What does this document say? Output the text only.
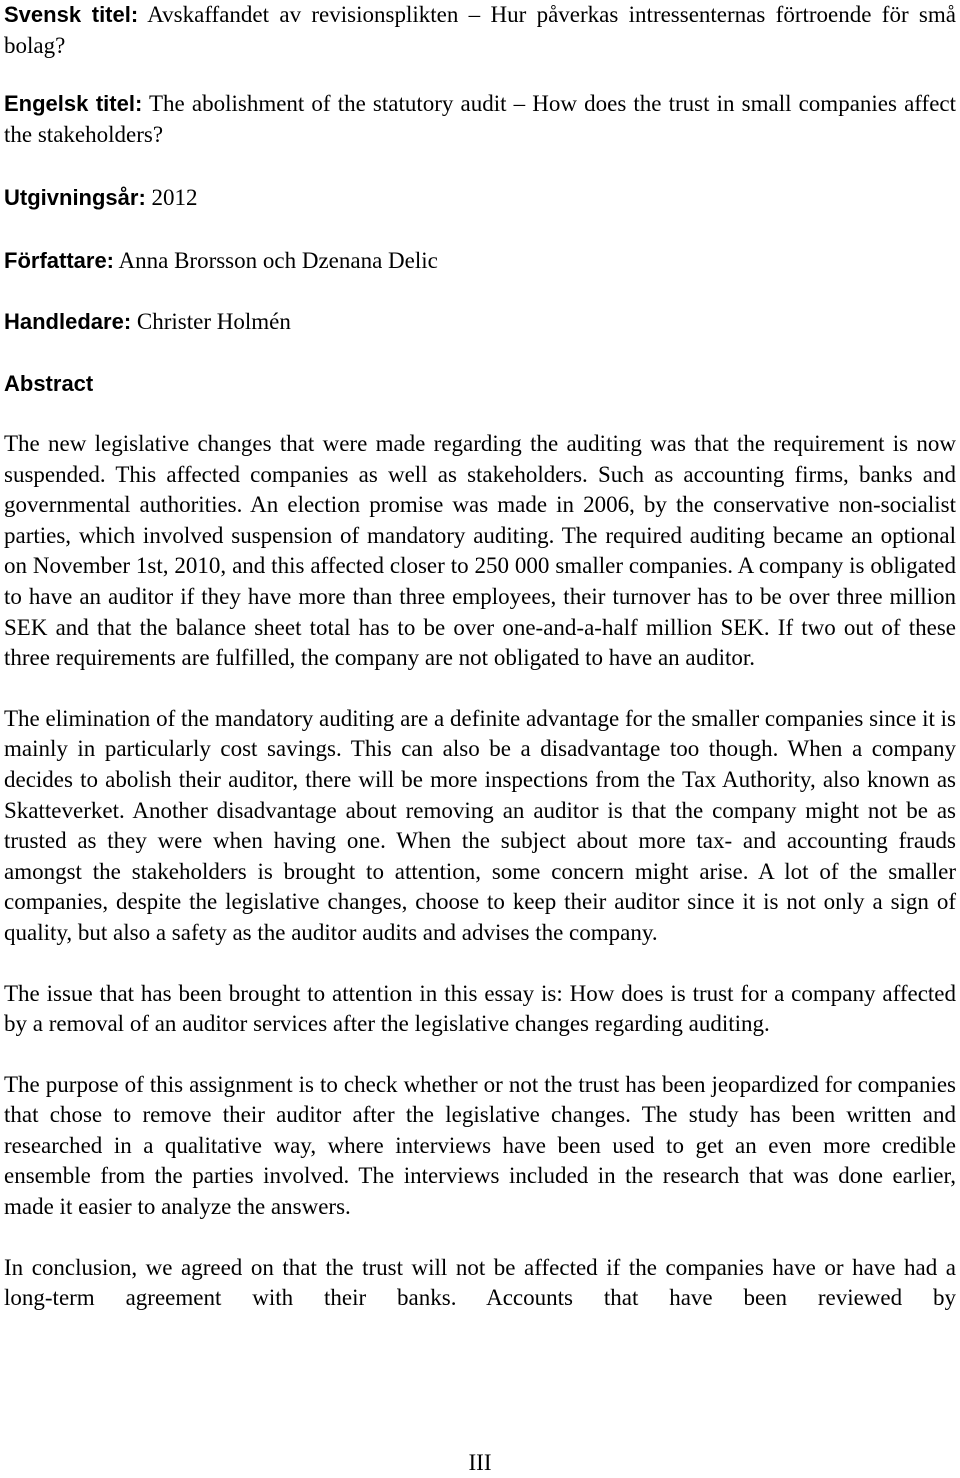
Svensk titel: Avskaffandet av revisionsplikten – Hur påverkas intressenternas förtroende för små bolag?

Engelsk titel: The abolishment of the statutory audit – How does the trust in small companies affect the stakeholders?

Utgivningsår: 2012

Författare: Anna Brorsson och Dzenana Delic

Handledare: Christer Holmén

Abstract

The new legislative changes that were made regarding the auditing was that the requirement is now suspended. This affected companies as well as stakeholders. Such as accounting firms, banks and governmental authorities. An election promise was made in 2006, by the conservative non-socialist parties, which involved suspension of mandatory auditing. The required auditing became an optional on November 1st, 2010, and this affected closer to 250 000 smaller companies. A company is obligated to have an auditor if they have more than three employees, their turnover has to be over three million SEK and that the balance sheet total has to be over one-and-a-half million SEK. If two out of these three requirements are fulfilled, the company are not obligated to have an auditor.

The elimination of the mandatory auditing are a definite advantage for the smaller companies since it is mainly in particularly cost savings. This can also be a disadvantage too though. When a company decides to abolish their auditor, there will be more inspections from the Tax Authority, also known as Skatteverket. Another disadvantage about removing an auditor is that the company might not be as trusted as they were when having one. When the subject about more tax- and accounting frauds amongst the stakeholders is brought to attention, some concern might arise. A lot of the smaller companies, despite the legislative changes, choose to keep their auditor since it is not only a sign of quality, but also a safety as the auditor audits and advises the company.

The issue that has been brought to attention in this essay is: How does is trust for a company affected by a removal of an auditor services after the legislative changes regarding auditing.

The purpose of this assignment is to check whether or not the trust has been jeopardized for companies that chose to remove their auditor after the legislative changes. The study has been written and researched in a qualitative way, where interviews have been used to get an even more credible ensemble from the parties involved. The interviews included in the research that was done earlier, made it easier to analyze the answers.

In conclusion, we agreed on that the trust will not be affected if the companies have or have had a long-term agreement with their banks. Accounts that have been reviewed by

III
